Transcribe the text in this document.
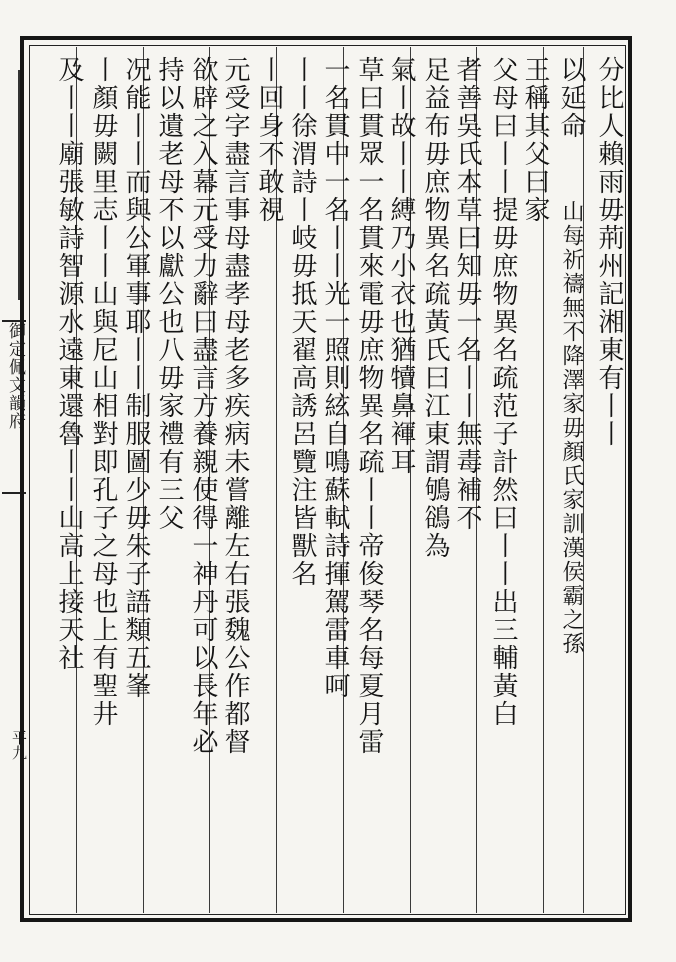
御定佩文韻府
平九
分比人賴雨毋荊州記湘東有丨丨
以延命
王稱其父曰家
父母曰丨丨提毋庶物異名疏范子計然曰丨丨出三輔黃白
者善吳氏本草曰知毋一名丨丨無毒補不
足益布毋庶物異名疏黃氏曰江東謂鴝鵒為
氣丨故丨丨縛乃小衣也猶犢鼻褌耳
草曰貫眾一名貫來電毋庶物異名疏丨丨帝俊琴名每夏月雷
一名貫中一名丨丨光一照則絃自鳴蘇軾詩揮駕雷車呵
丨丨徐渭詩丨岐毋抵天翟高誘呂覽注皆獸名
丨回身不敢視
元受字盡言事母盡孝母老多疾病未嘗離左右張魏公作都督
欲辟之入幕元受力辭曰盡言方養親使得一神丹可以長年必
持以遺老母不以獻公也八毋家禮有三父
况能丨丨而與公軍事耶丨丨制服圖少毋朱子語類五峯
丨顏毋闕里志丨丨山與尼山相對即孔子之母也上有聖井
及丨丨廟張敏詩智源水遠東還魯丨丨山高上接天社	山每祈禱無不降澤家毋顏氏家訓漢侯霸之孫
